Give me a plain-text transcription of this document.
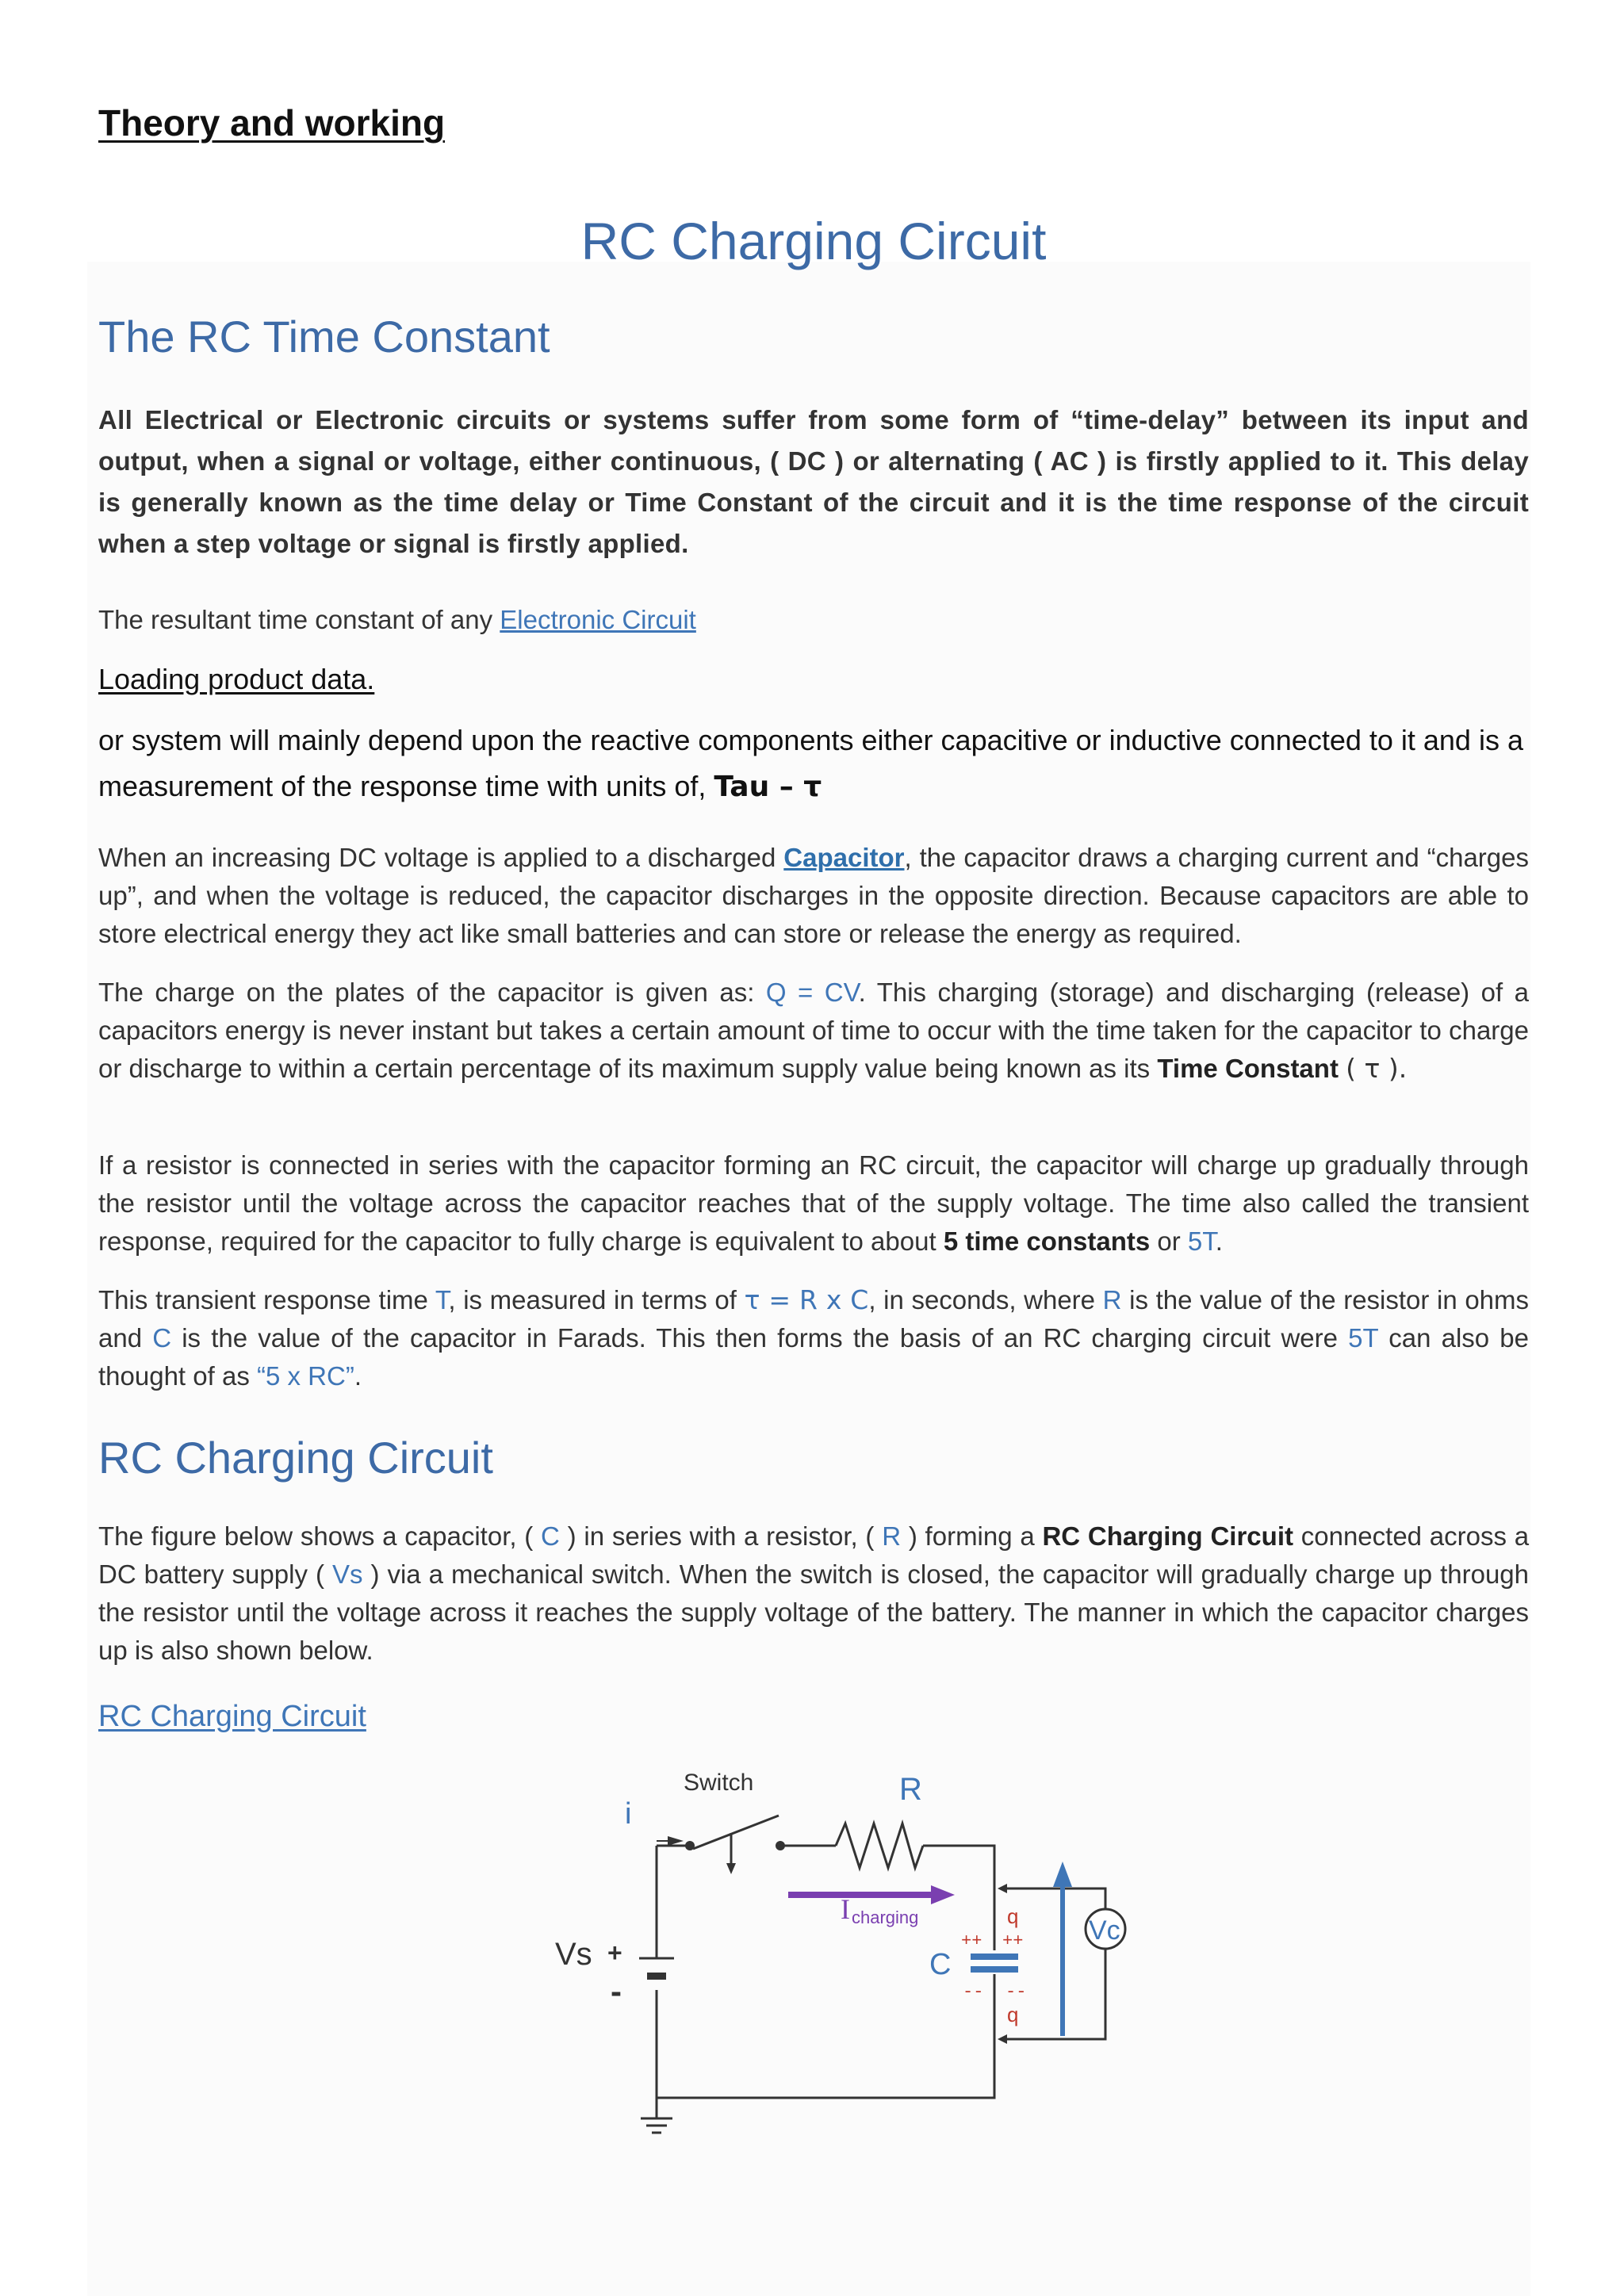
Theory and working
RC Charging Circuit
The RC Time Constant
All Electrical or Electronic circuits or systems suffer from some form of “time-delay” between its input and output, when a signal or voltage, either continuous, ( DC ) or alternating ( AC ) is firstly applied to it. This delay is generally known as the time delay or Time Constant of the circuit and it is the time response of the circuit when a step voltage or signal is firstly applied.
The resultant time constant of any Electronic Circuit
Loading product data.
or system will mainly depend upon the reactive components either capacitive or inductive connected to it and is a measurement of the response time with units of, Tau – τ
When an increasing DC voltage is applied to a discharged Capacitor, the capacitor draws a charging current and “charges up”, and when the voltage is reduced, the capacitor discharges in the opposite direction. Because capacitors are able to store electrical energy they act like small batteries and can store or release the energy as required.
The charge on the plates of the capacitor is given as: Q = CV. This charging (storage) and discharging (release) of a capacitors energy is never instant but takes a certain amount of time to occur with the time taken for the capacitor to charge or discharge to within a certain percentage of its maximum supply value being known as its Time Constant ( τ ).
If a resistor is connected in series with the capacitor forming an RC circuit, the capacitor will charge up gradually through the resistor until the voltage across the capacitor reaches that of the supply voltage. The time also called the transient response, required for the capacitor to fully charge is equivalent to about 5 time constants or 5T.
This transient response time T, is measured in terms of τ = R x C, in seconds, where R is the value of the resistor in ohms and C is the value of the capacitor in Farads. This then forms the basis of an RC charging circuit were 5T can also be thought of as “5 x RC”.
RC Charging Circuit
The figure below shows a capacitor, ( C ) in series with a resistor, ( R ) forming a RC Charging Circuit connected across a DC battery supply ( Vs ) via a mechanical switch. When the switch is closed, the capacitor will gradually charge up through the resistor until the voltage across it reaches the supply voltage of the battery. The manner in which the capacitor charges up is also shown below.
RC Charging Circuit
Switch	R
i
I charging
Vs +
-
C
++ ++
-- --
q
q
Vc
